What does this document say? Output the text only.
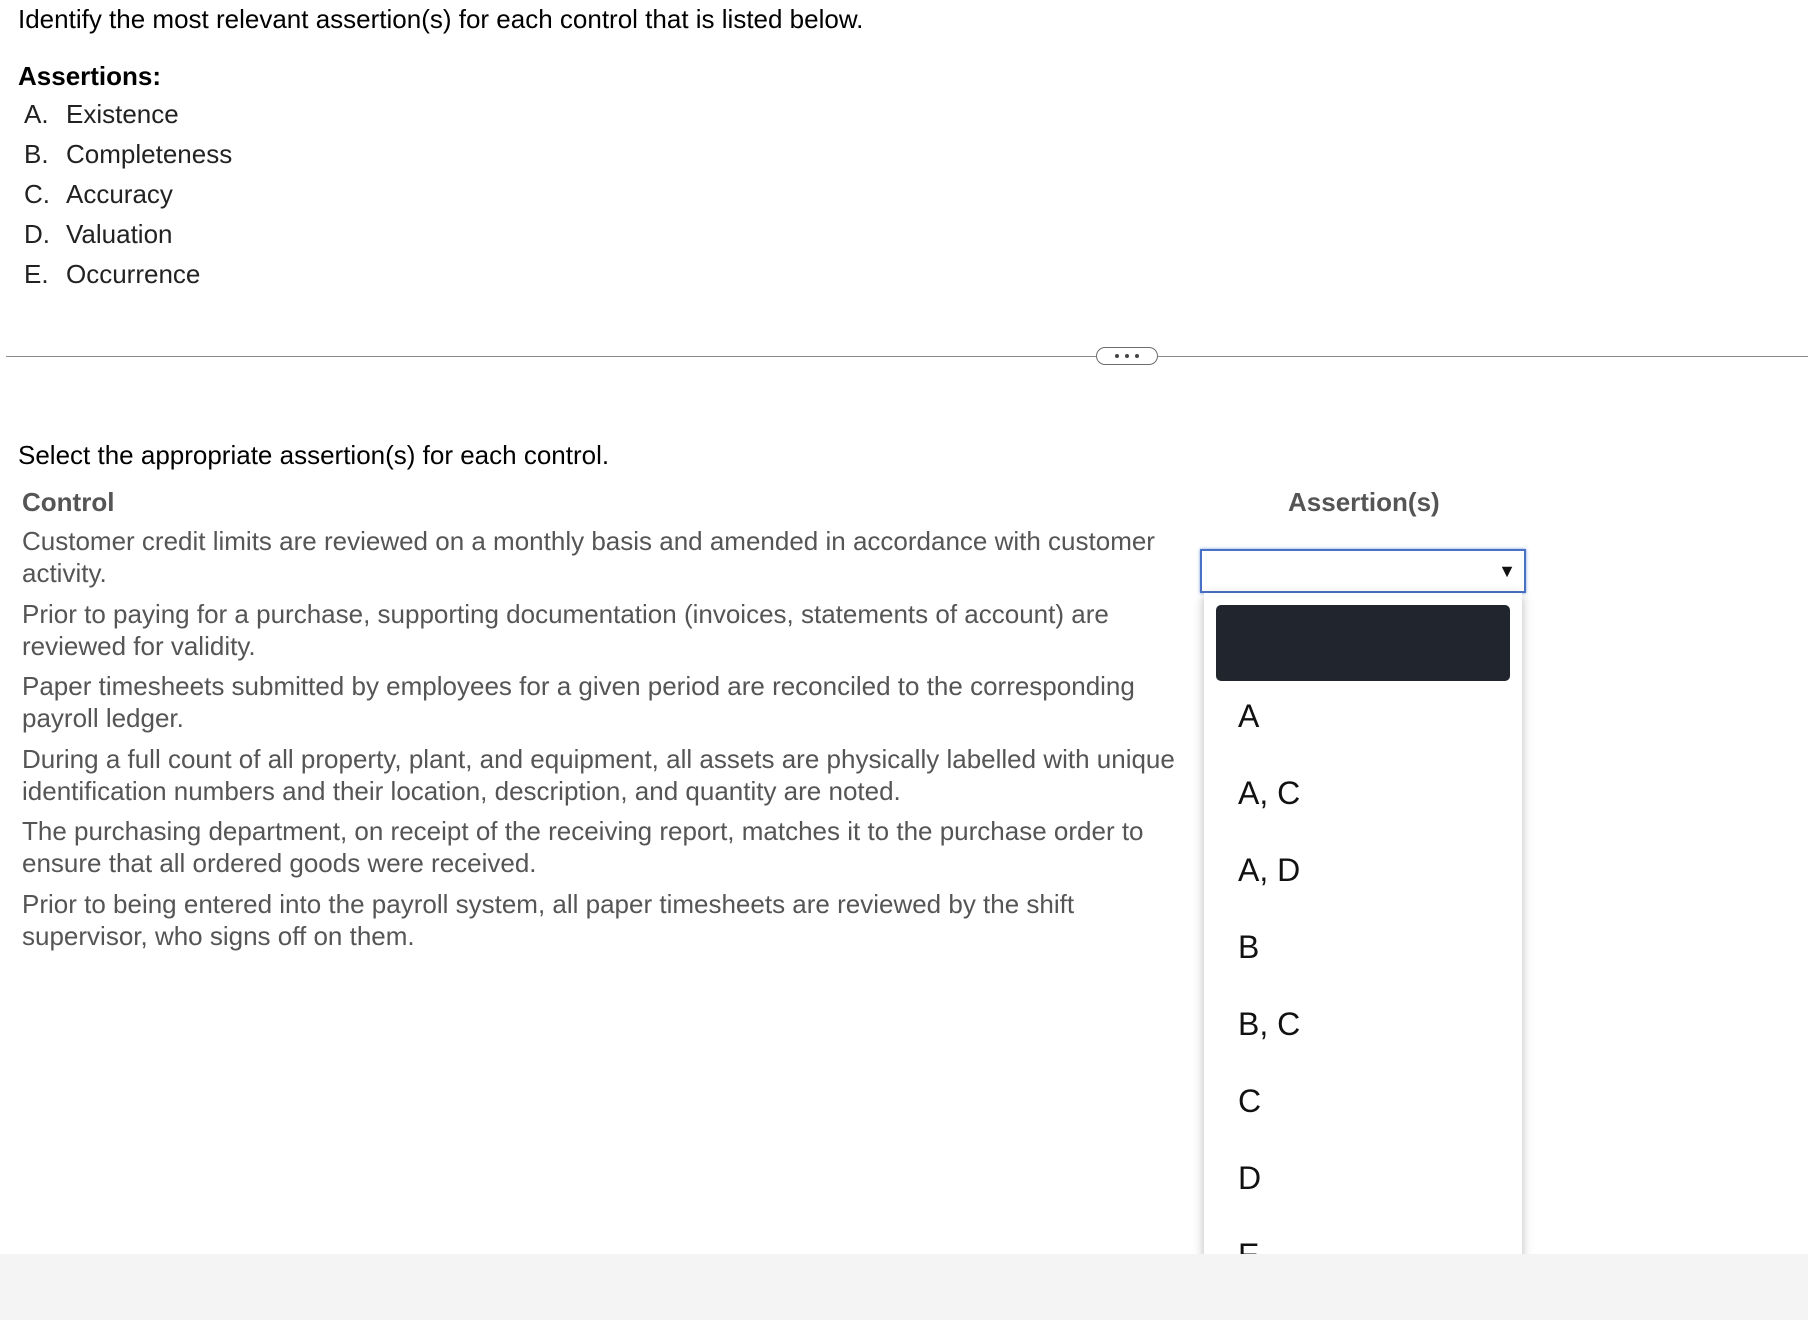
Identify the most relevant assertion(s) for each control that is listed below.
Assertions:
A. Existence
B. Completeness
C. Accuracy
D. Valuation
E. Occurrence
Select the appropriate assertion(s) for each control.
Control	Assertion(s)
Customer credit limits are reviewed on a monthly basis and amended in accordance with customer activity.
Prior to paying for a purchase, supporting documentation (invoices, statements of account) are reviewed for validity.
Paper timesheets submitted by employees for a given period are reconciled to the corresponding payroll ledger.
During a full count of all property, plant, and equipment, all assets are physically labelled with unique identification numbers and their location, description, and quantity are noted.
The purchasing department, on receipt of the receiving report, matches it to the purchase order to ensure that all ordered goods were received.
Prior to being entered into the payroll system, all paper timesheets are reviewed by the shift supervisor, who signs off on them.
▼
A
A, C
A, D
B
B, C
C
D
